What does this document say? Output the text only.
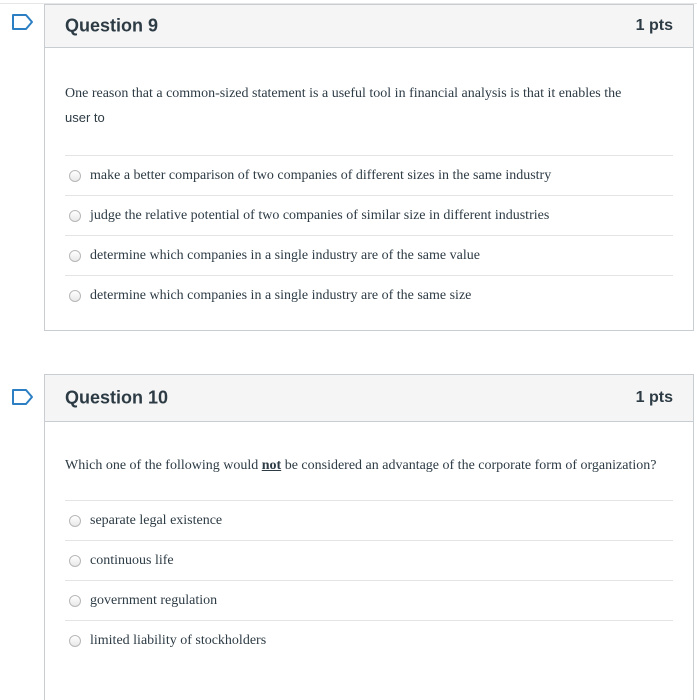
Question 9	1 pts
One reason that a common-sized statement is a useful tool in financial analysis is that it enables the
user to
make a better comparison of two companies of different sizes in the same industry
judge the relative potential of two companies of similar size in different industries
determine which companies in a single industry are of the same value
determine which companies in a single industry are of the same size
Question 10	1 pts
Which one of the following would not be considered an advantage of the corporate form of organization?
separate legal existence
continuous life
government regulation
limited liability of stockholders
